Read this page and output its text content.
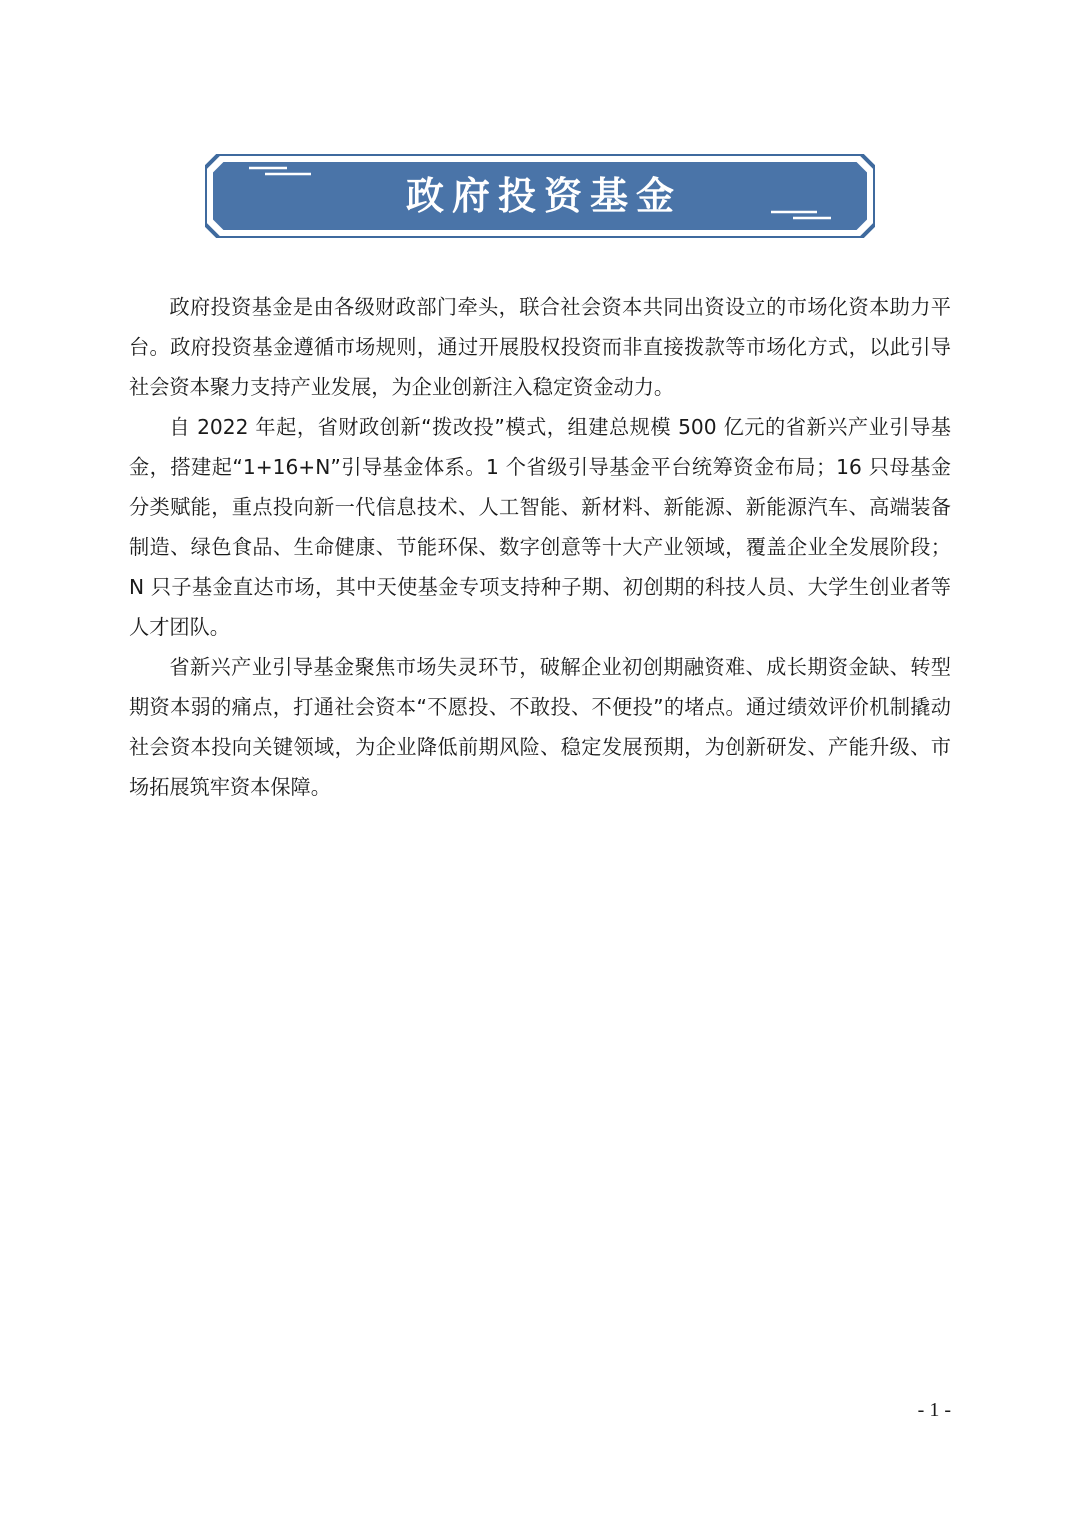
政府投资基金

政府投资基金是由各级财政部门牵头，联合社会资本共同出资设立的市场化资本助力平台。政府投资基金遵循市场规则，通过开展股权投资而非直接拨款等市场化方式，以此引导社会资本聚力支持产业发展，为企业创新注入稳定资金动力。

自 2022 年起，省财政创新“拨改投”模式，组建总规模 500 亿元的省新兴产业引导基金，搭建起“1+16+N”引导基金体系。1 个省级引导基金平台统筹资金布局；16 只母基金分类赋能，重点投向新一代信息技术、人工智能、新材料、新能源、新能源汽车、高端装备制造、绿色食品、生命健康、节能环保、数字创意等十大产业领域，覆盖企业全发展阶段；N 只子基金直达市场，其中天使基金专项支持种子期、初创期的科技人员、大学生创业者等人才团队。

省新兴产业引导基金聚焦市场失灵环节，破解企业初创期融资难、成长期资金缺、转型期资本弱的痛点，打通社会资本“不愿投、不敢投、不便投”的堵点。通过绩效评价机制撬动社会资本投向关键领域，为企业降低前期风险、稳定发展预期，为创新研发、产能升级、市场拓展筑牢资本保障。

- 1 -
